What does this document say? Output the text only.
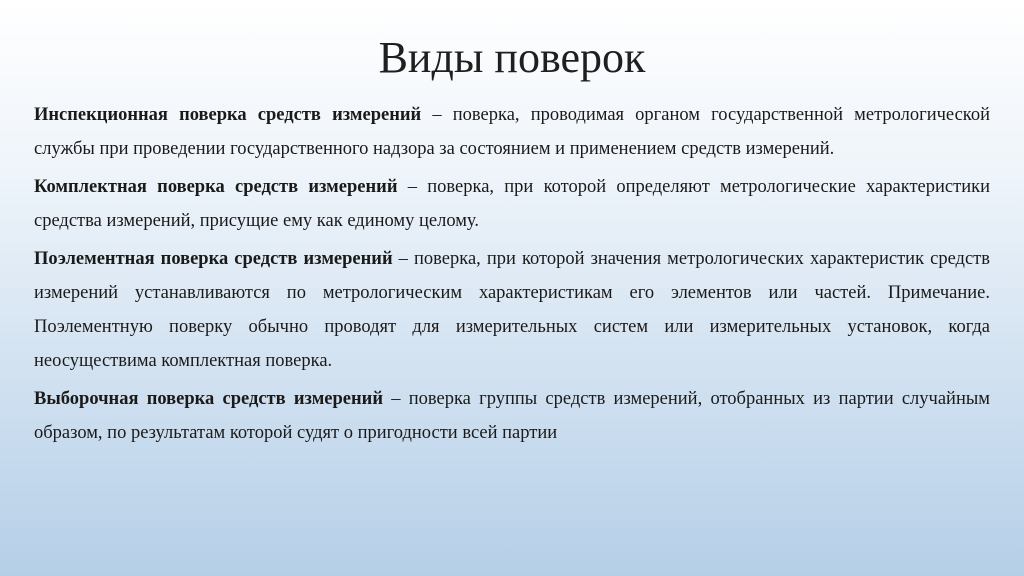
Виды поверок

Инспекционная поверка средств измерений – поверка, проводимая органом государственной метрологической службы при проведении государственного надзора за состоянием и применением средств измерений.

Комплектная поверка средств измерений – поверка, при которой определяют метрологические характеристики средства измерений, присущие ему как единому целому.

Поэлементная поверка средств измерений – поверка, при которой значения метрологических характеристик средств измерений устанавливаются по метрологическим характеристикам его элементов или частей. Примечание. Поэлементную поверку обычно проводят для измерительных систем или измерительных установок, когда неосуществима комплектная поверка.

Выборочная поверка средств измерений – поверка группы средств измерений, отобранных из партии случайным образом, по результатам которой судят о пригодности всей партии
